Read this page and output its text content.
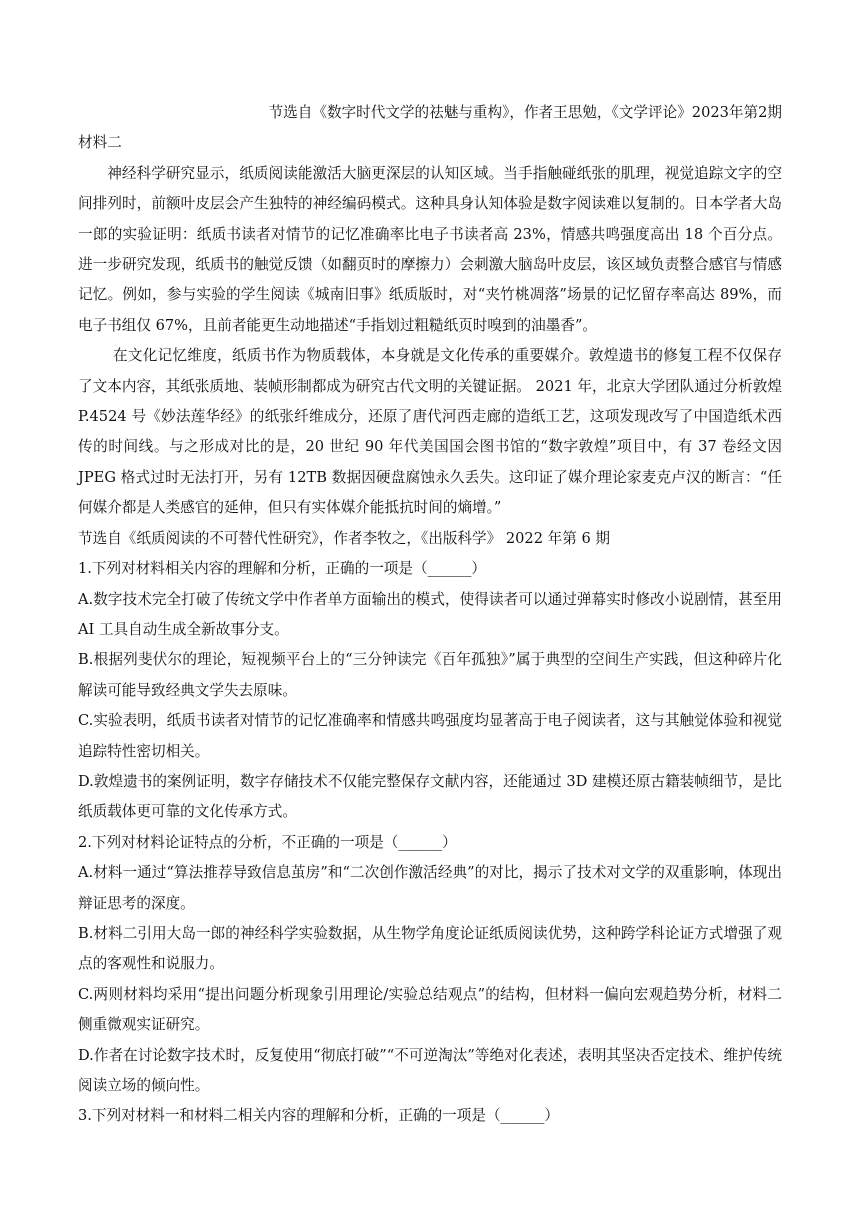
节选自《数字时代文学的祛魅与重构》，作者王思勉，《文学评论》2023年第2期

材料二

神经科学研究显示，纸质阅读能激活大脑更深层的认知区域。当手指触碰纸张的肌理，视觉追踪文字的空间排列时，前额叶皮层会产生独特的神经编码模式。这种具身认知体验是数字阅读难以复制的。日本学者大岛一郎的实验证明：纸质书读者对情节的记忆准确率比电子书读者高 23%，情感共鸣强度高出 18 个百分点。进一步研究发现，纸质书的触觉反馈（如翻页时的摩擦力）会刺激大脑岛叶皮层，该区域负责整合感官与情感记忆。例如，参与实验的学生阅读《城南旧事》纸质版时，对“夹竹桃凋落”场景的记忆留存率高达 89%，而电子书组仅 67%，且前者能更生动地描述“手指划过粗糙纸页时嗅到的油墨香”。

在文化记忆维度，纸质书作为物质载体，本身就是文化传承的重要媒介。敦煌遗书的修复工程不仅保存了文本内容，其纸张质地、装帧形制都成为研究古代文明的关键证据。 2021 年，北京大学团队通过分析敦煌 P.4524 号《妙法莲华经》的纸张纤维成分，还原了唐代河西走廊的造纸工艺，这项发现改写了中国造纸术西传的时间线。与之形成对比的是，20 世纪 90 年代美国国会图书馆的“数字敦煌”项目中，有 37 卷经文因 JPEG 格式过时无法打开，另有 12TB 数据因硬盘腐蚀永久丢失。这印证了媒介理论家麦克卢汉的断言：“任何媒介都是人类感官的延伸，但只有实体媒介能抵抗时间的熵增。”

节选自《纸质阅读的不可替代性研究》，作者李牧之，《出版科学》 2022 年第 6 期

1.下列对材料相关内容的理解和分析，正确的一项是（______）

A.数字技术完全打破了传统文学中作者单方面输出的模式，使得读者可以通过弹幕实时修改小说剧情，甚至用 AI 工具自动生成全新故事分支。

B.根据列斐伏尔的理论，短视频平台上的“三分钟读完《百年孤独》”属于典型的空间生产实践，但这种碎片化解读可能导致经典文学失去原味。

C.实验表明，纸质书读者对情节的记忆准确率和情感共鸣强度均显著高于电子阅读者，这与其触觉体验和视觉追踪特性密切相关。

D.敦煌遗书的案例证明，数字存储技术不仅能完整保存文献内容，还能通过 3D 建模还原古籍装帧细节，是比纸质载体更可靠的文化传承方式。

2.下列对材料论证特点的分析，不正确的一项是（______）

A.材料一通过“算法推荐导致信息茧房”和“二次创作激活经典”的对比，揭示了技术对文学的双重影响，体现出辩证思考的深度。

B.材料二引用大岛一郎的神经科学实验数据，从生物学角度论证纸质阅读优势，这种跨学科论证方式增强了观点的客观性和说服力。

C.两则材料均采用“提出问题分析现象引用理论/实验总结观点”的结构，但材料一偏向宏观趋势分析，材料二侧重微观实证研究。

D.作者在讨论数字技术时，反复使用“彻底打破”“不可逆淘汰”等绝对化表述，表明其坚决否定技术、维护传统阅读立场的倾向性。

3.下列对材料一和材料二相关内容的理解和分析，正确的一项是（______）
